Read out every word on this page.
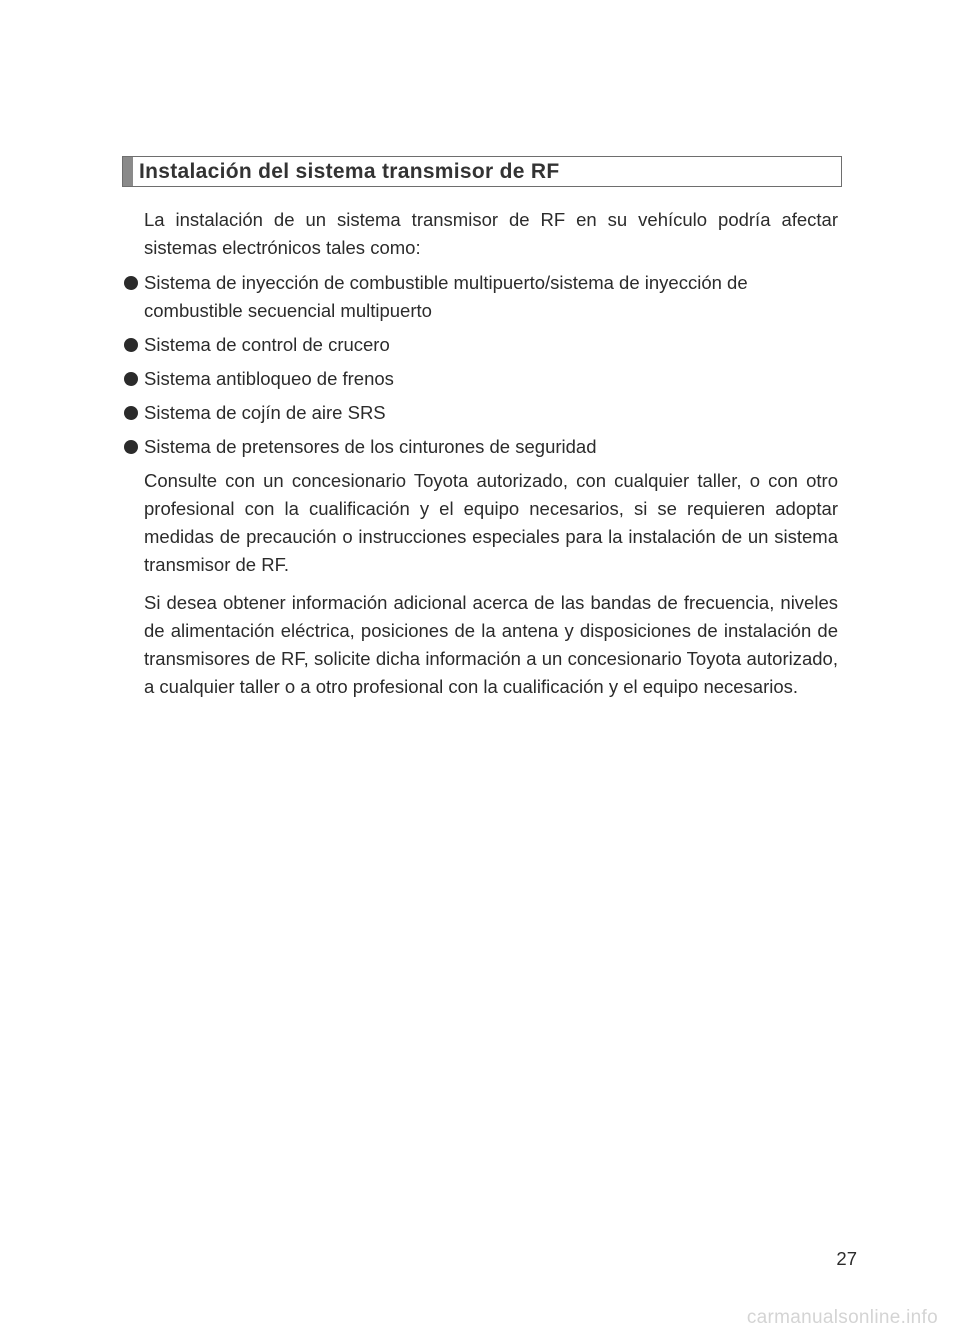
Instalación del sistema transmisor de RF

La instalación de un sistema transmisor de RF en su vehículo podría afectar sistemas electrónicos tales como:

Sistema de inyección de combustible multipuerto/sistema de inyección de combustible secuencial multipuerto
Sistema de control de crucero
Sistema antibloqueo de frenos
Sistema de cojín de aire SRS
Sistema de pretensores de los cinturones de seguridad

Consulte con un concesionario Toyota autorizado, con cualquier taller, o con otro profesional con la cualificación y el equipo necesarios, si se requieren adoptar medidas de precaución o instrucciones especiales para la instalación de un sistema transmisor de RF.

Si desea obtener información adicional acerca de las bandas de frecuencia, niveles de alimentación eléctrica, posiciones de la antena y disposiciones de instalación de transmisores de RF, solicite dicha información a un concesionario Toyota autorizado, a cualquier taller o a otro profesional con la cualificación y el equipo necesarios.

27
carmanualsonline.info
